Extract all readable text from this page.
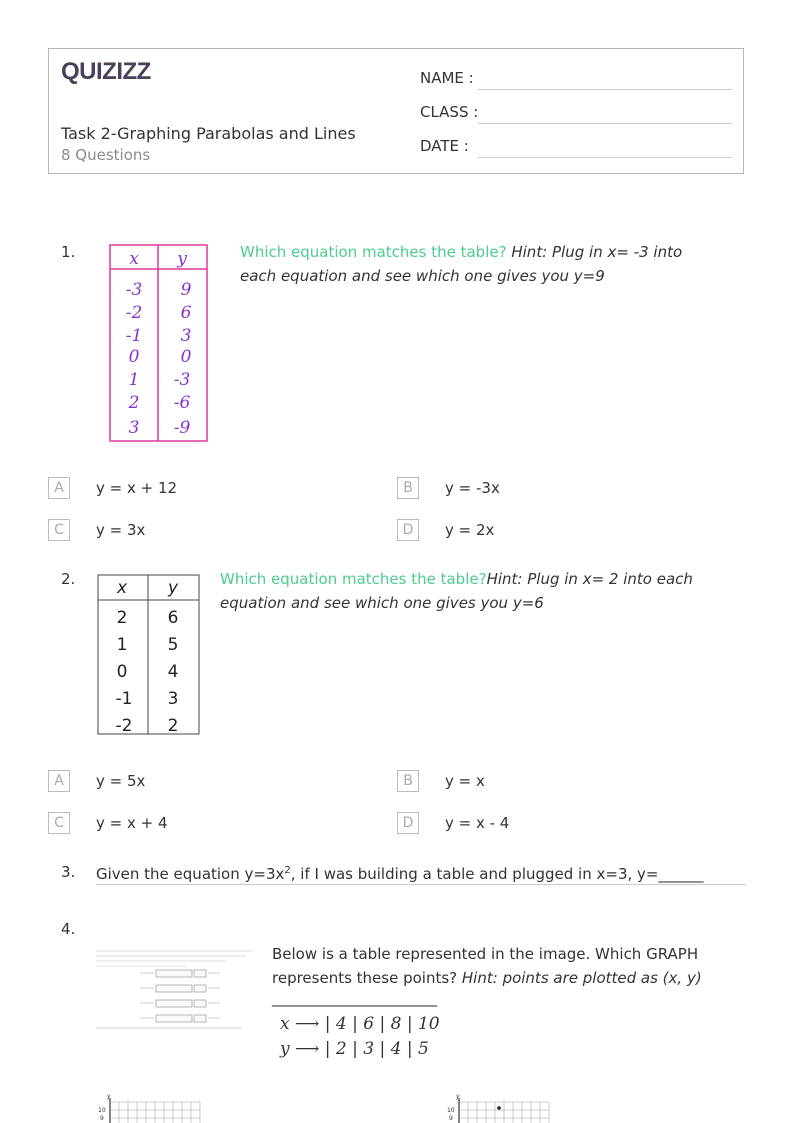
QUIZIZZ
Task 2-Graphing Parabolas and Lines
8 Questions
NAME :
CLASS :
DATE :
1.	x y
-3 9
-2 6
-1 3
0 0
1 -3
2 -6
3 -9
Which equation matches the table? Hint: Plug in x= -3 into each equation and see which one gives you y=9
A	y = x + 12	B	y = -3x
C	y = 3x	D	y = 2x
2. x y
2 6
1 5
0 4
-1 3
-2 2
Which equation matches the table?Hint: Plug in x= 2 into each equation and see which one gives you y=6
A	y = 5x	B	y = x
C	y = x + 4	D	y = x - 4
3. Given the equation $y=3x^2$, if I was building a table and plugged in x=3, y=______
4.
Below is a table represented in the image. Which GRAPH
represents these points? Hint: points are plotted as (x, y)
______________________
x ⟶ | 4 | 6 | 8 | 10
y ⟶ | 2 | 3 | 4 | 5
y
10
9
y
10
9
